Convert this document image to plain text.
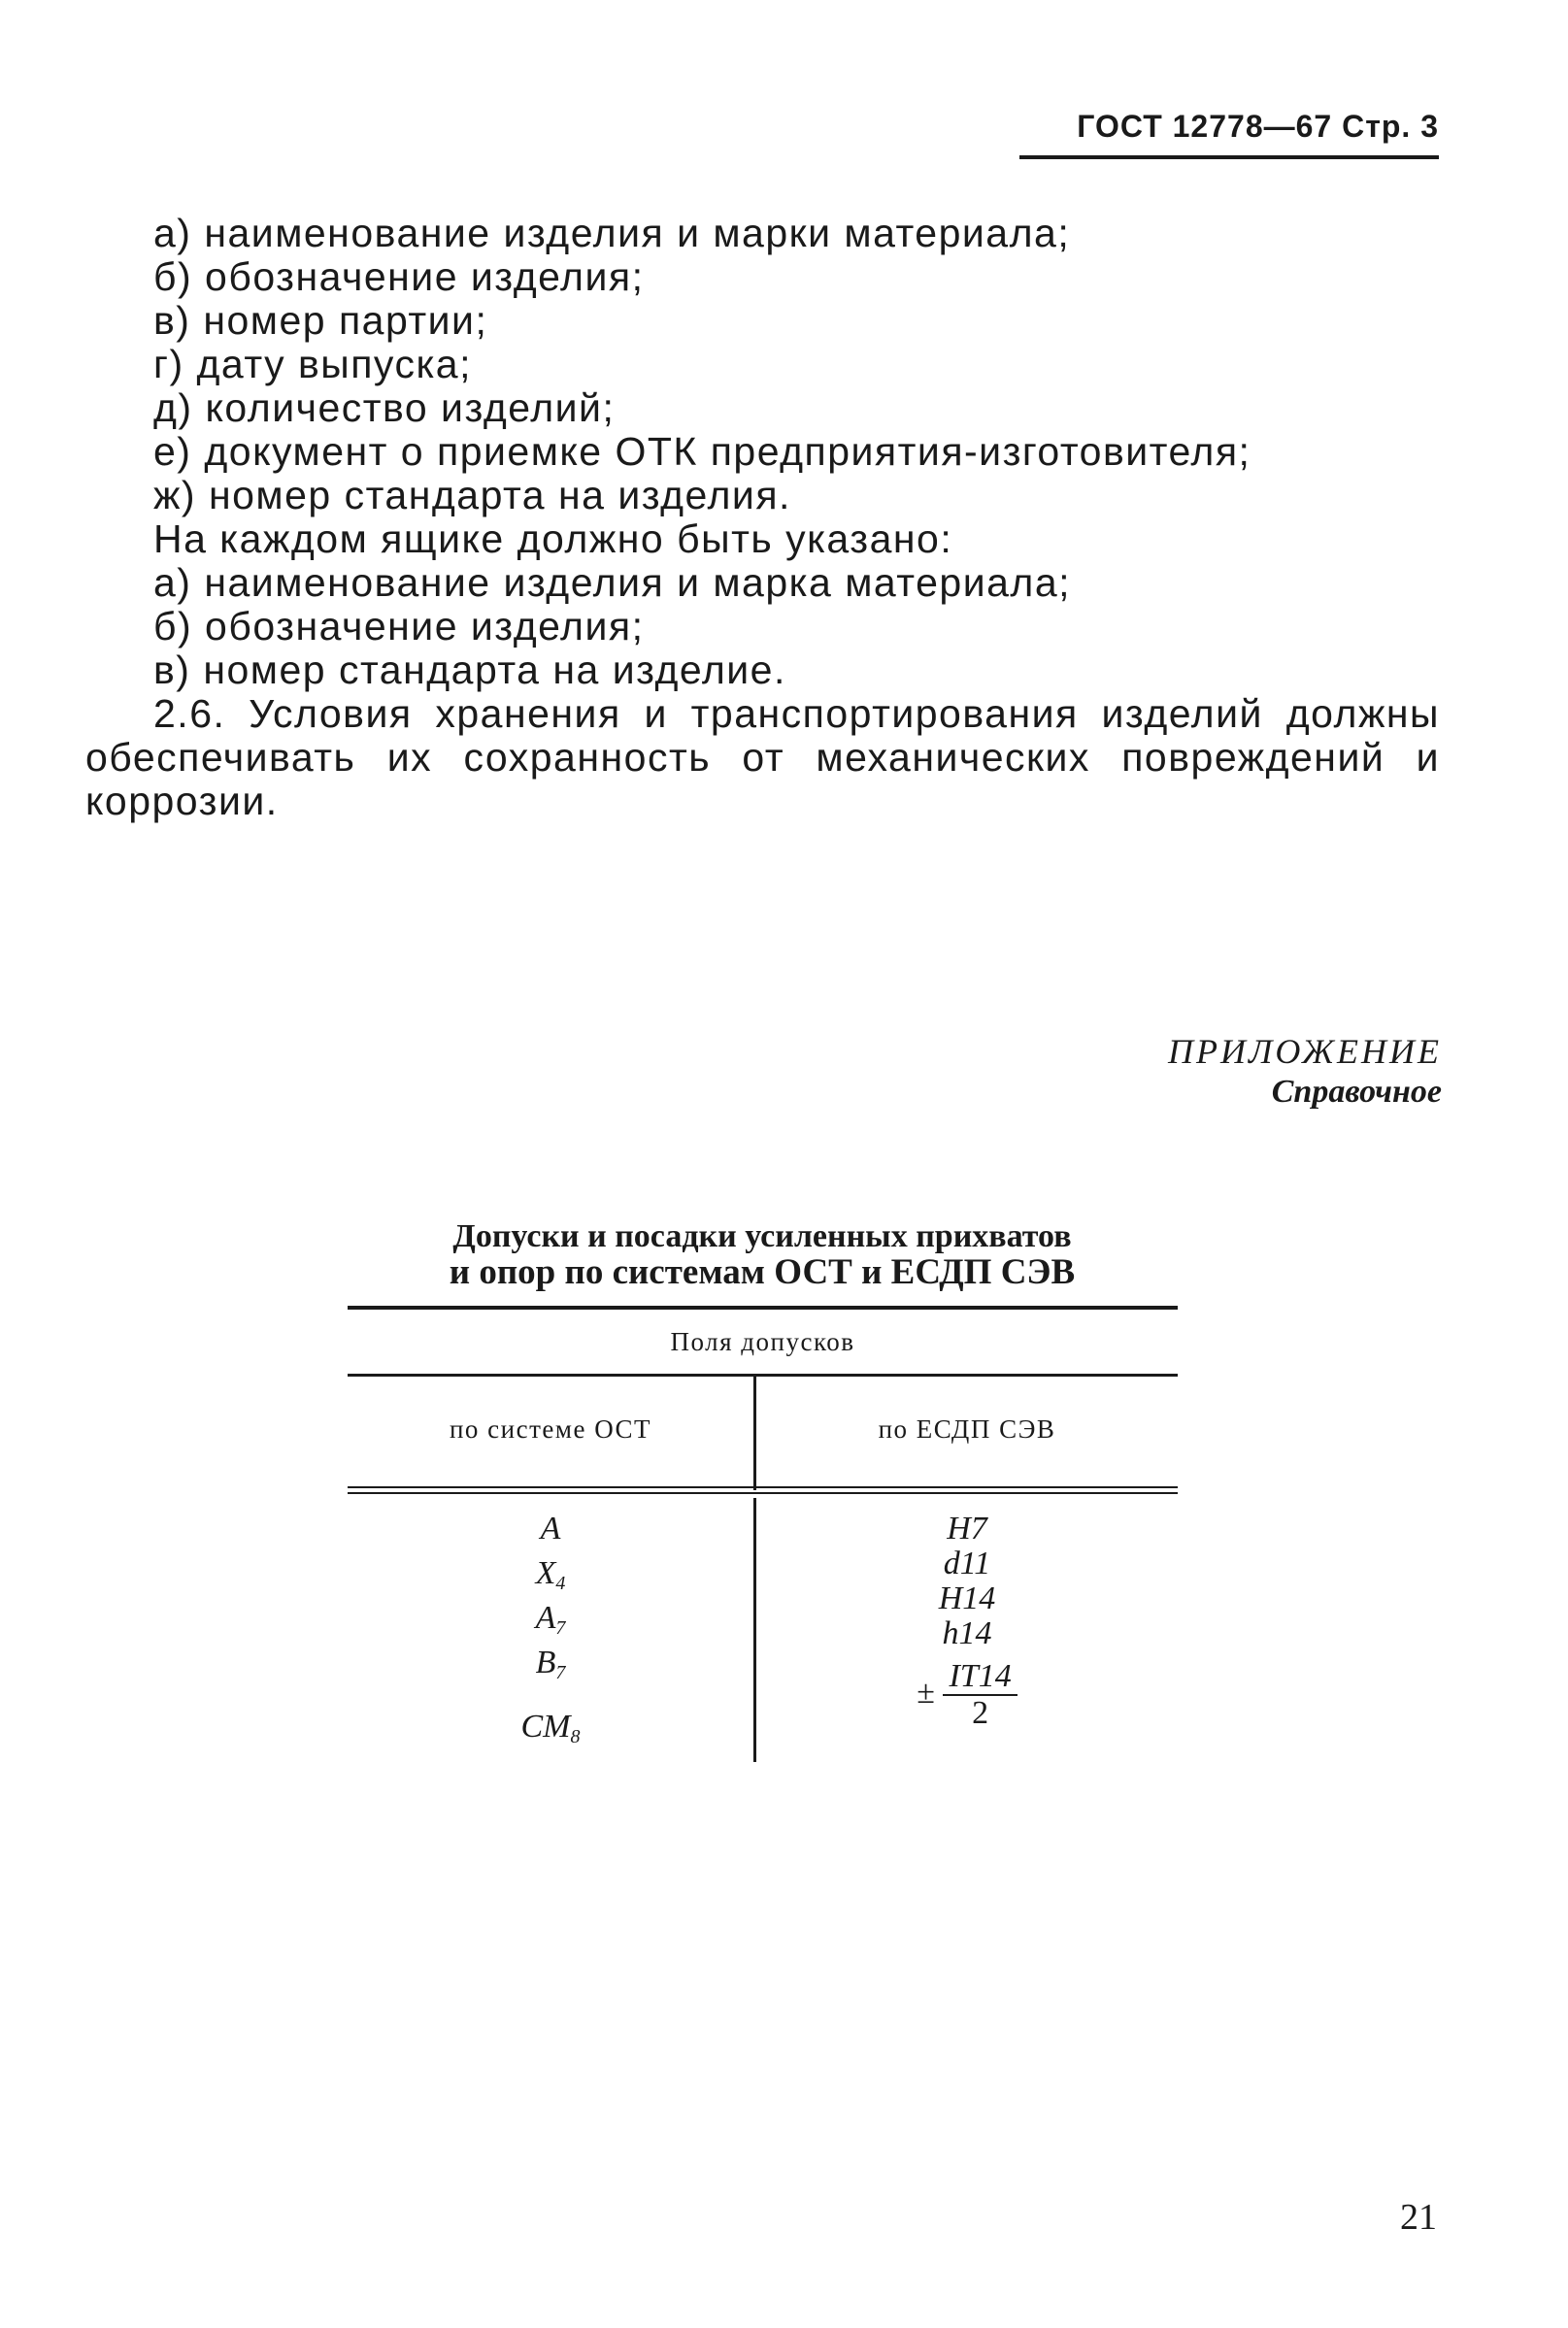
ГОСТ 12778—67 Стр. 3
а) наименование изделия и марки материала;
б) обозначение изделия;
в) номер партии;
г) дату выпуска;
д) количество изделий;
е) документ о приемке ОТК предприятия-изготовителя;
ж) номер стандарта на изделия.
На каждом ящике должно быть указано:
а) наименование изделия и марка материала;
б) обозначение изделия;
в) номер стандарта на изделие.
2.6. Условия хранения и транспортирования изделий должны обеспечивать их сохранность от механических повреждений и коррозии.
ПРИЛОЖЕНИЕ
Справочное
Допуски и посадки усиленных прихватов
и опор по системам ОСТ и ЕСДП СЭВ
Поля допусков
по системе ОСТ	по ЕСДП СЭВ
A
$X_4$
$A_7$
$B_7$
$CM_8$
H7
d11
H14
h14
± $\frac{IT14}{2}$
21
